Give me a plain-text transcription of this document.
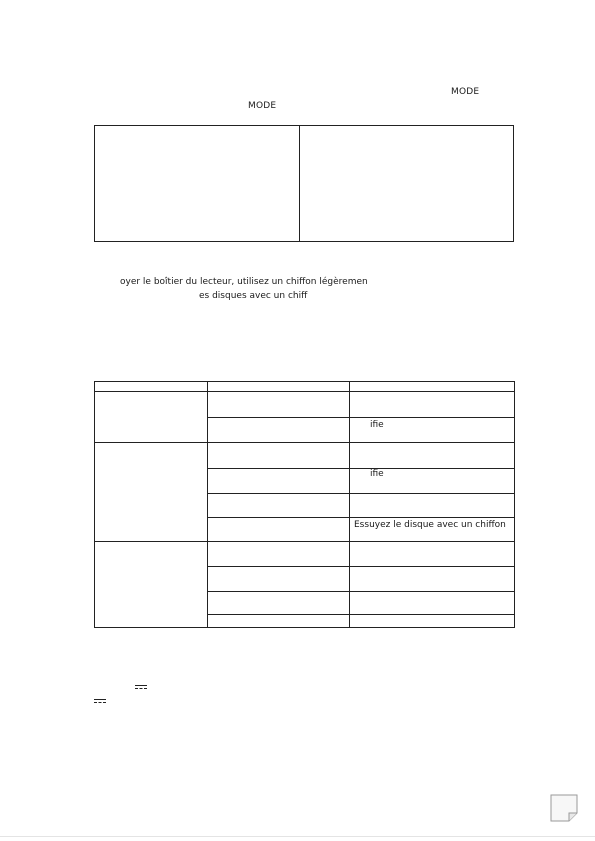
MODE
MODE
oyer le boîtier du lecteur, utilisez un chiffon légèremen
es disques avec un chiff
ifie
ifie
Essuyez le disque avec un chiffon
